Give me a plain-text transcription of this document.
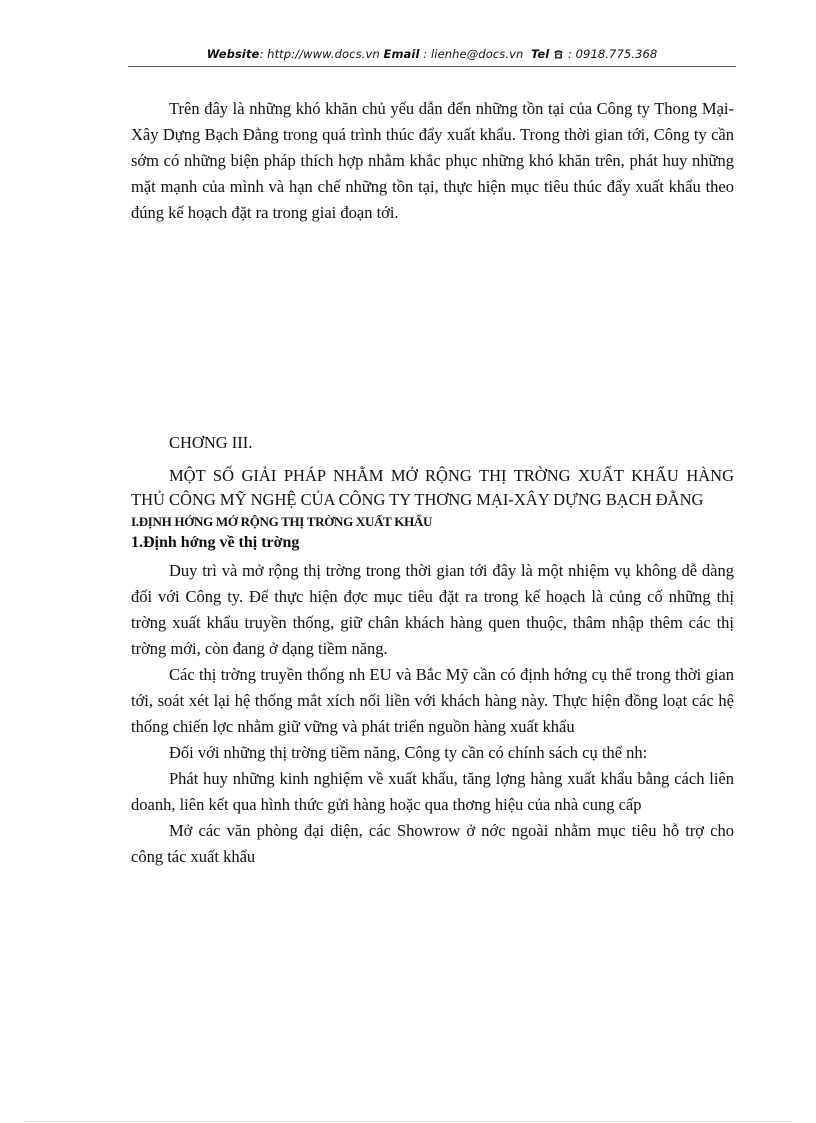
Website: http://www.docs.vn Email : lienhe@docs.vn Tel : 0918.775.368

Trên đây là những khó khăn chủ yếu dẫn đến những tồn tại của Công ty Thong Mại-Xây Dựng Bạch Đằng trong quá trình thúc đẩy xuất khẩu. Trong thời gian tới, Công ty cần sớm có những biện pháp thích hợp nhằm khắc phục những khó khăn trên, phát huy những mặt mạnh của mình và hạn chế những tồn tại, thực hiện mục tiêu thúc đẩy xuất khẩu theo đúng kế hoạch đặt ra trong giai đoạn tới.

CHƠNG III.

MỘT SỐ GIẢI PHÁP NHẰM MỞ RỘNG THỊ TRỜNG XUẤT KHẨU HÀNG THỦ CÔNG MỸ NGHỆ CỦA CÔNG TY THƠNG MẠI-XÂY DỰNG BẠCH ĐẰNG

I.ĐỊNH HỚNG MỞ RỘNG THỊ TRỜNG XUẤT KHẨU

1.Định hớng về thị trờng

Duy trì và mở rộng thị trờng trong thời gian tới đây là một nhiệm vụ không dễ dàng đối với Công ty. Để thực hiện đợc mục tiêu đặt ra trong kế hoạch là củng cố những thị trờng xuất khẩu truyền thống, giữ chân khách hàng quen thuộc, thâm nhập thêm các thị trờng mới, còn đang ở dạng tiềm năng.

Các thị trờng truyền thống nh EU và Bắc Mỹ cần có định hớng cụ thể trong thời gian tới, soát xét lại hệ thống mắt xích nối liền với khách hàng này. Thực hiện đồng loạt các hệ thống chiến lợc nhằm giữ vững và phát triển nguồn hàng xuất khẩu

Đối với những thị trờng tiềm năng, Công ty cần có chính sách cụ thể nh:

Phát huy những kinh nghiệm về xuất khẩu, tăng lợng hàng xuất khẩu bằng cách liên doanh, liên kết qua hình thức gửi hàng hoặc qua thơng hiệu của nhà cung cấp

Mở các văn phòng đại diện, các Showrow ở nớc ngoài nhằm mục tiêu hỗ trợ cho công tác xuất khẩu
